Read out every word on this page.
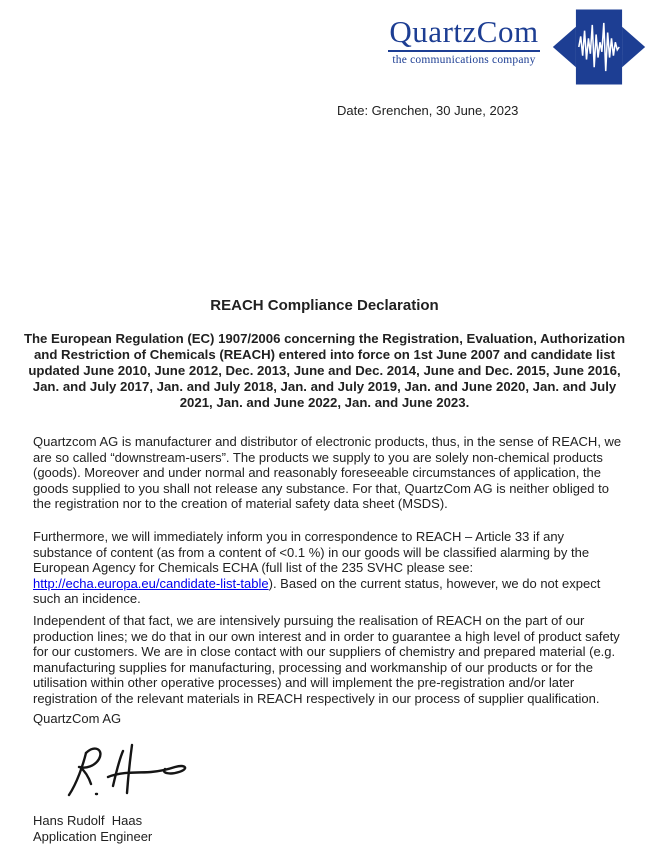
QuartzCom
the communications company
Date: Grenchen, 30 June, 2023
REACH Compliance Declaration
The European Regulation (EC) 1907/2006 concerning the Registration, Evaluation, Authorization and Restriction of Chemicals (REACH) entered into force on 1st June 2007 and candidate list updated June 2010, June 2012, Dec. 2013, June and Dec. 2014, June and Dec. 2015, June 2016, Jan. and July 2017, Jan. and July 2018, Jan. and July 2019, Jan. and June 2020, Jan. and July 2021, Jan. and June 2022, Jan. and June 2023.
Quartzcom AG is manufacturer and distributor of electronic products, thus, in the sense of REACH, we are so called “downstream-users”. The products we supply to you are solely non-chemical products (goods). Moreover and under normal and reasonably foreseeable circumstances of application, the goods supplied to you shall not release any substance. For that, QuartzCom AG is neither obliged to the registration nor to the creation of material safety data sheet (MSDS).
Furthermore, we will immediately inform you in correspondence to REACH – Article 33 if any substance of content (as from a content of <0.1 %) in our goods will be classified alarming by the European Agency for Chemicals ECHA (full list of the 235 SVHC please see: http://echa.europa.eu/candidate-list-table). Based on the current status, however, we do not expect such an incidence.
Independent of that fact, we are intensively pursuing the realisation of REACH on the part of our production lines; we do that in our own interest and in order to guarantee a high level of product safety for our customers. We are in close contact with our suppliers of chemistry and prepared material (e.g. manufacturing supplies for manufacturing, processing and workmanship of our products or for the utilisation within other operative processes) and will implement the pre-registration and/or later registration of the relevant materials in REACH respectively in our process of supplier qualification.
QuartzCom AG
Hans Rudolf  Haas
Application Engineer
